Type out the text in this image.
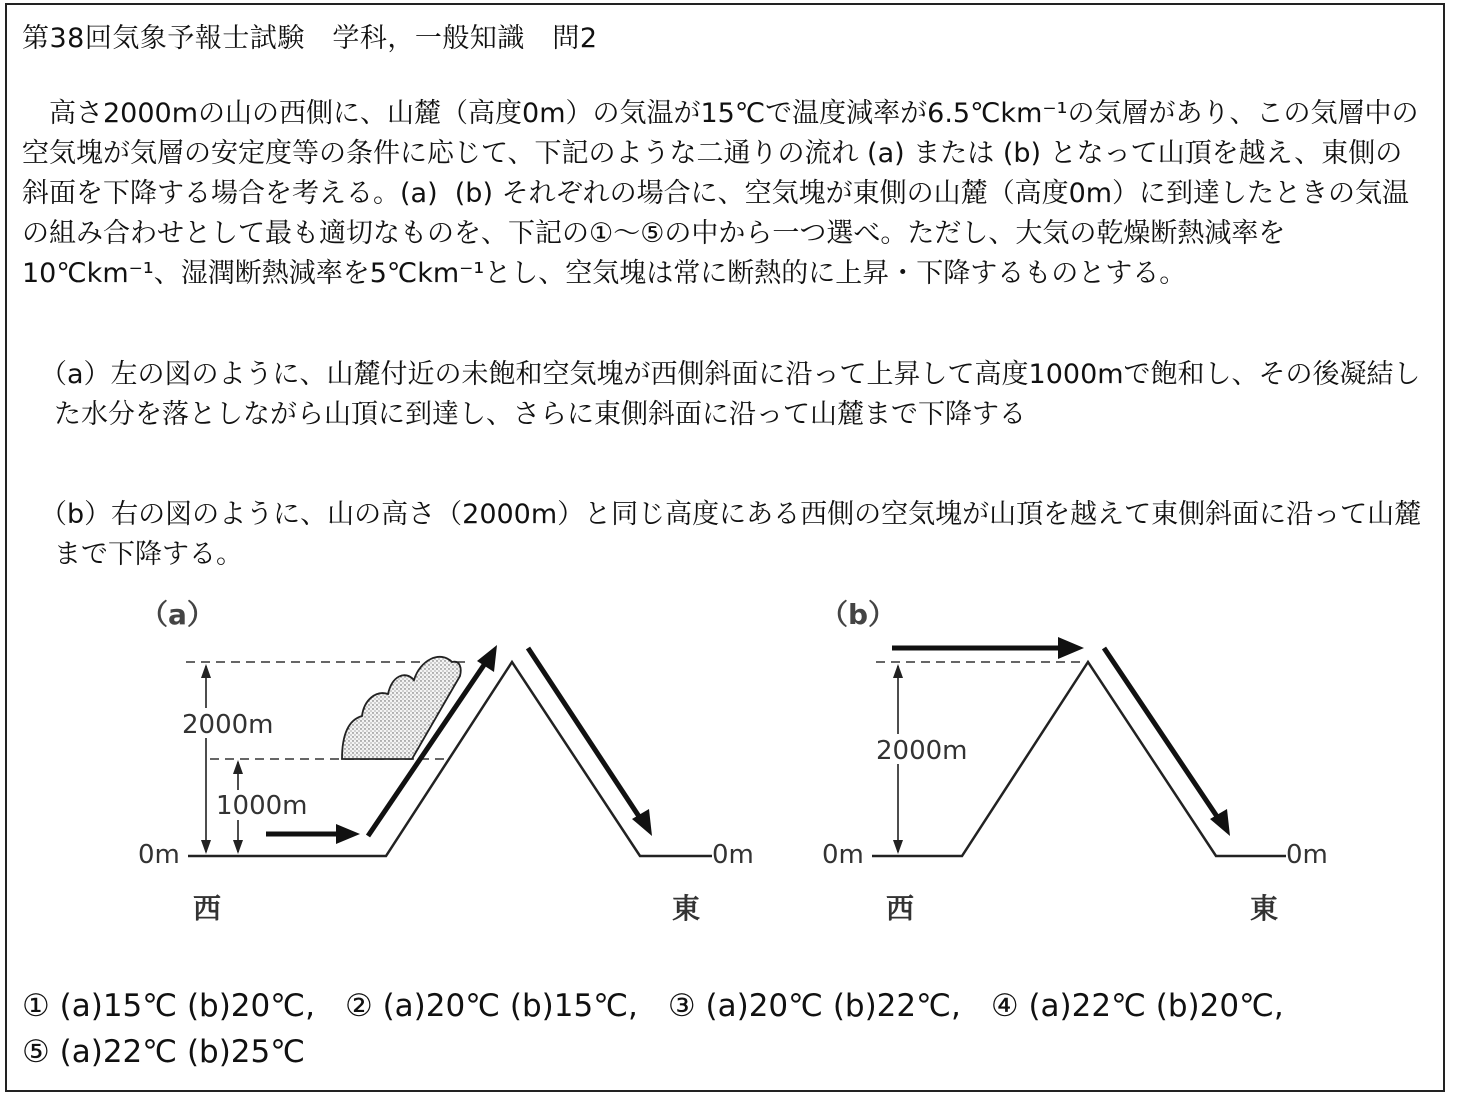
第38回気象予報士試験　学科，一般知識　問2
　高さ2000mの山の西側に、山麓（高度0m）の気温が15℃で温度減率が6.5℃km⁻¹の気層があり、この気層中の空気塊が気層の安定度等の条件に応じて、下記のような二通りの流れ (a) または (b) となって山頂を越え、東側の斜面を下降する場合を考える。(a)  (b) それぞれの場合に、空気塊が東側の山麓（高度0m）に到達したときの気温の組み合わせとして最も適切なものを、下記の①～⑤の中から一つ選べ。ただし、大気の乾燥断熱減率を10℃km⁻¹、湿潤断熱減率を5℃km⁻¹とし、空気塊は常に断熱的に上昇・下降するものとする。
（a）左の図のように、山麓付近の未飽和空気塊が西側斜面に沿って上昇して高度1000mで飽和し、その後凝結した水分を落としながら山頂に到達し、さらに東側斜面に沿って山麓まで下降する
（b）右の図のように、山の高さ（2000m）と同じ高度にある西側の空気塊が山頂を越えて東側斜面に沿って山麓まで下降する。
（a）
2000m
1000m
0m	0m
西	東
（b）
2000m
0m	0m
西	東
① (a)15℃ (b)20℃, ② (a)20℃ (b)15℃, ③ (a)20℃ (b)22℃, ④ (a)22℃ (b)20℃,
⑤ (a)22℃ (b)25℃
